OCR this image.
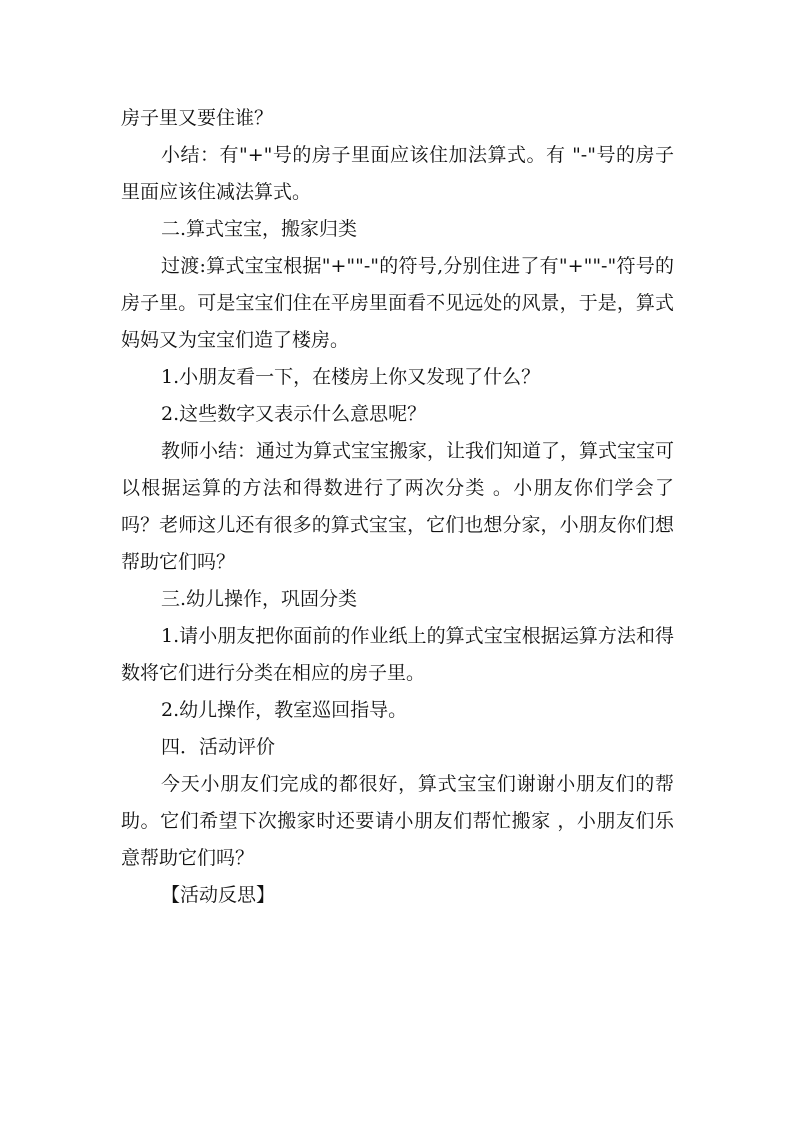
房子里又要住谁？

小结：有"+"号的房子里面应该住加法算式。有 "-"号的房子里面应该住减法算式。

二.算式宝宝，搬家归类

过渡:算式宝宝根据"+""-"的符号,分别住进了有"+""-"符号的房子里。可是宝宝们住在平房里面看不见远处的风景，于是，算式妈妈又为宝宝们造了楼房。

1.小朋友看一下，在楼房上你又发现了什么？

2.这些数字又表示什么意思呢？

教师小结：通过为算式宝宝搬家，让我们知道了，算式宝宝可以根据运算的方法和得数进行了两次分类 。小朋友你们学会了吗？老师这儿还有很多的算式宝宝，它们也想分家，小朋友你们想帮助它们吗？

三.幼儿操作，巩固分类

1.请小朋友把你面前的作业纸上的算式宝宝根据运算方法和得数将它们进行分类在相应的房子里。

2.幼儿操作，教室巡回指导。

四．活动评价

今天小朋友们完成的都很好，算式宝宝们谢谢小朋友们的帮助。它们希望下次搬家时还要请小朋友们帮忙搬家 ，小朋友们乐意帮助它们吗？

【活动反思】
